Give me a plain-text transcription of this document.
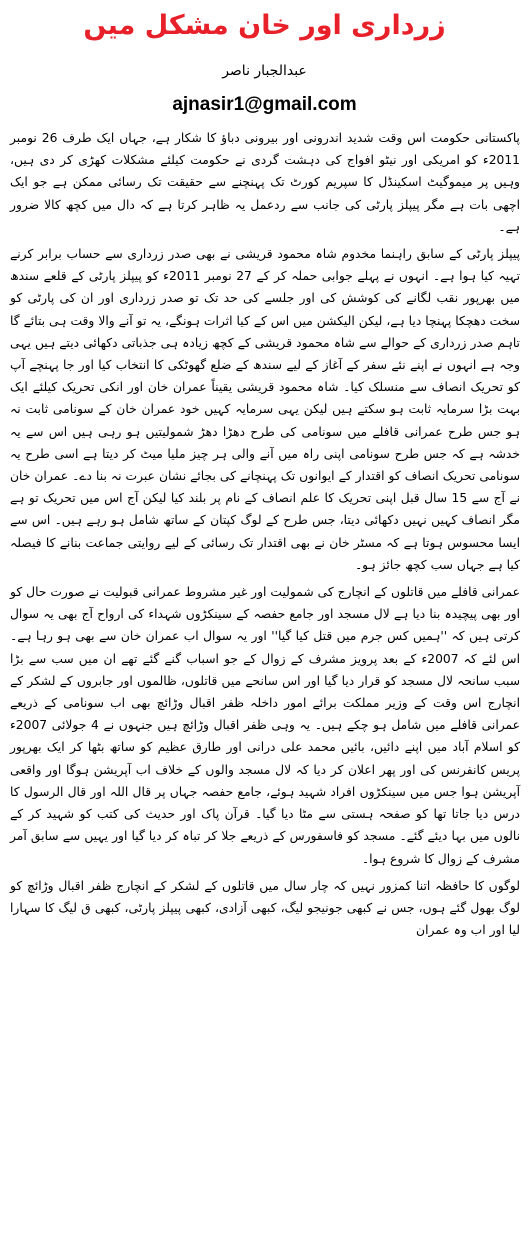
زرداری اور خان مشکل میں
عبدالجبار ناصر
ajnasir1@gmail.com

پاکستانی حکومت اس وقت شدید اندرونی اور بیرونی دباؤ کا شکار ہے، جہاں ایک طرف 26 نومبر 2011ء کو امریکی اور نیٹو افواج کی دہشت گردی نے حکومت کیلئے مشکلات کھڑی کر دی ہیں، وہیں پر میموگیٹ اسکینڈل کا سپریم کورٹ تک پہنچنے سے حقیقت تک رسائی ممکن ہے جو ایک اچھی بات ہے مگر پیپلز پارٹی کی جانب سے ردعمل یہ ظاہر کرتا ہے کہ دال میں کچھ کالا ضرور ہے۔

پیپلز پارٹی کے سابق راہنما مخدوم شاہ محمود قریشی نے بھی صدر زرداری سے حساب برابر کرنے تہیہ کیا ہوا ہے۔ انہوں نے پہلے جوابی حملہ کر کے 27 نومبر 2011ء کو پیپلز پارٹی کے قلعے سندھ میں بھرپور نقب لگانے کی کوشش کی اور جلسے کی حد تک تو صدر زرداری اور ان کی پارٹی کو سخت دھچکا پہنچا دیا ہے، لیکن الیکشن میں اس کے کیا اثرات ہونگے، یہ تو آنے والا وقت ہی بتائے گا تاہم صدر زرداری کے حوالے سے شاہ محمود قریشی کے کچھ زیادہ ہی جذباتی دکھائی دیتے ہیں یہی وجہ ہے انہوں نے اپنے نئے سفر کے آغاز کے لیے سندھ کے ضلع گھوٹکی کا انتخاب کیا اور جا پہنچے آپ کو تحریک انصاف سے منسلک کیا۔ شاہ محمود قریشی یقیناً عمران خان اور انکی تحریک کیلئے ایک بہت بڑا سرمایہ ثابت ہو سکتے ہیں لیکن یہی سرمایہ کہیں خود عمران خان کے سونامی ثابت نہ ہو جس طرح عمرانی قافلے میں سونامی کی طرح دھڑا دھڑ شمولیتیں ہو رہی ہیں اس سے یہ خدشہ ہے کہ جس طرح سونامی اپنی راہ میں آنے والی ہر چیز ملیا میٹ کر دیتا ہے اسی طرح یہ سونامی تحریک انصاف کو اقتدار کے ایوانوں تک پہنچانے کی بجائے نشان عبرت نہ بنا دے۔ عمران خان نے آج سے 15 سال قبل اپنی تحریک کا علم انصاف کے نام پر بلند کیا لیکن آج اس میں تحریک تو ہے مگر انصاف کہیں نہیں دکھائی دیتا، جس طرح کے لوگ کپتان کے ساتھ شامل ہو رہے ہیں۔ اس سے ایسا محسوس ہوتا ہے کہ مسٹر خان نے بھی اقتدار تک رسائی کے لیے روایتی جماعت بنانے کا فیصلہ کیا ہے جہاں سب کچھ جائز ہو۔

عمرانی قافلے میں قاتلوں کے انچارج کی شمولیت اور غیر مشروط عمرانی قبولیت نے صورت حال کو اور بھی پیچیدہ بنا دیا ہے لال مسجد اور جامع حفصہ کے سینکڑوں شہداء کی ارواح آج بھی یہ سوال کرتی ہیں کہ ''ہمیں کس جرم میں قتل کیا گیا'' اور یہ سوال اب عمران خان سے بھی ہو رہا ہے۔ اس لئے کہ 2007ء کے بعد پرویز مشرف کے زوال کے جو اسباب گنے گئے تھے ان میں سب سے بڑا سبب سانحہ لال مسجد کو قرار دیا گیا اور اس سانحے میں قاتلوں، ظالموں اور جابروں کے لشکر کے انچارج اس وقت کے وزیر مملکت برائے امور داخلہ ظفر اقبال وڑائچ بھی اب سونامی کے ذریعے عمرانی قافلے میں شامل ہو چکے ہیں۔ یہ وہی ظفر اقبال وڑائچ ہیں جنہوں نے 4 جولائی 2007ء کو اسلام آباد میں اپنے دائیں، بائیں محمد علی درانی اور طارق عظیم کو ساتھ بٹھا کر ایک بھرپور پریس کانفرنس کی اور پھر اعلان کر دیا کہ لال مسجد والوں کے خلاف اب آپریشن ہوگا اور واقعی آپریشن ہوا جس میں سینکڑوں افراد شہید ہوئے، جامع حفصہ جہاں پر قال اللہ اور قال الرسول کا درس دیا جاتا تھا کو صفحہ ہستی سے مٹا دیا گیا۔ قرآن پاک اور حدیث کی کتب کو شہید کر کے نالوں میں بہا دیئے گئے۔ مسجد کو فاسفورس کے ذریعے جلا کر تباہ کر دیا گیا اور یہیں سے سابق آمر مشرف کے زوال کا شروع ہوا۔

لوگوں کا حافظہ اتنا کمزور نہیں کہ چار سال میں قاتلوں کے لشکر کے انچارج ظفر اقبال وڑائچ کو لوگ بھول گئے ہوں، جس نے کبھی جونیجو لیگ، کبھی آزادی، کبھی پیپلز پارٹی، کبھی ق لیگ کا سہارا لیا اور اب وہ عمران
